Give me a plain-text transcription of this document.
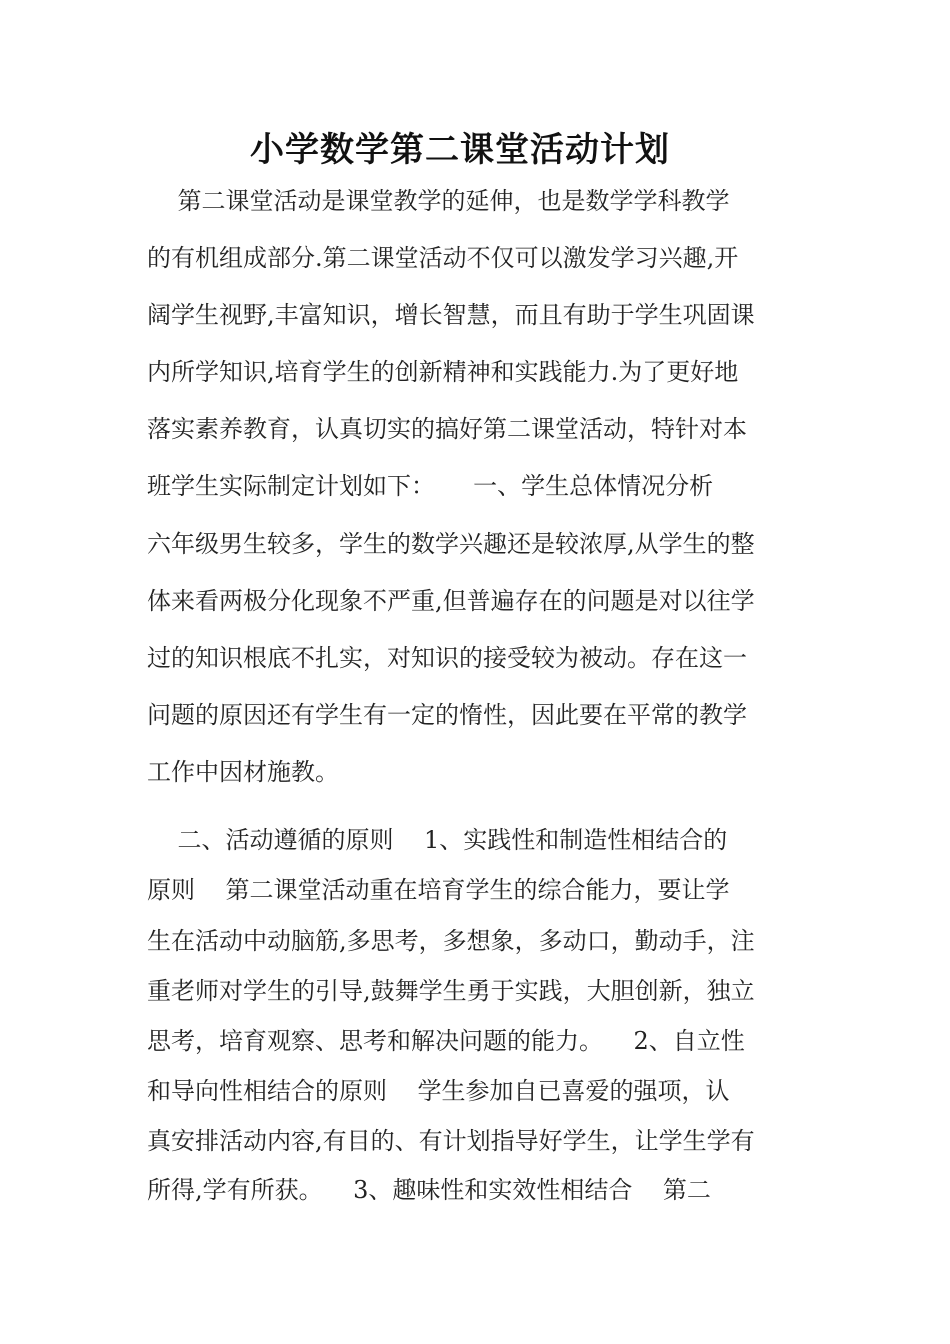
小学数学第二课堂活动计划

第二课堂活动是课堂教学的延伸，也是数学学科教学

的有机组成部分.第二课堂活动不仅可以激发学习兴趣,开

阔学生视野,丰富知识，增长智慧，而且有助于学生巩固课

内所学知识,培育学生的创新精神和实践能力.为了更好地

落实素养教育，认真切实的搞好第二课堂活动，特针对本

班学生实际制定计划如下：     一、学生总体情况分析

六年级男生较多，学生的数学兴趣还是较浓厚,从学生的整

体来看两极分化现象不严重,但普遍存在的问题是对以往学

过的知识根底不扎实，对知识的接受较为被动。存在这一

问题的原因还有学生有一定的惰性，因此要在平常的教学

工作中因材施教。

二、活动遵循的原则    1、实践性和制造性相结合的

原则    第二课堂活动重在培育学生的综合能力，要让学

生在活动中动脑筋,多思考，多想象，多动口，勤动手，注

重老师对学生的引导,鼓舞学生勇于实践，大胆创新，独立

思考，培育观察、思考和解决问题的能力。    2、自立性

和导向性相结合的原则    学生参加自已喜爱的强项，认

真安排活动内容,有目的、有计划指导好学生，让学生学有

所得,学有所获。    3、趣味性和实效性相结合    第二
